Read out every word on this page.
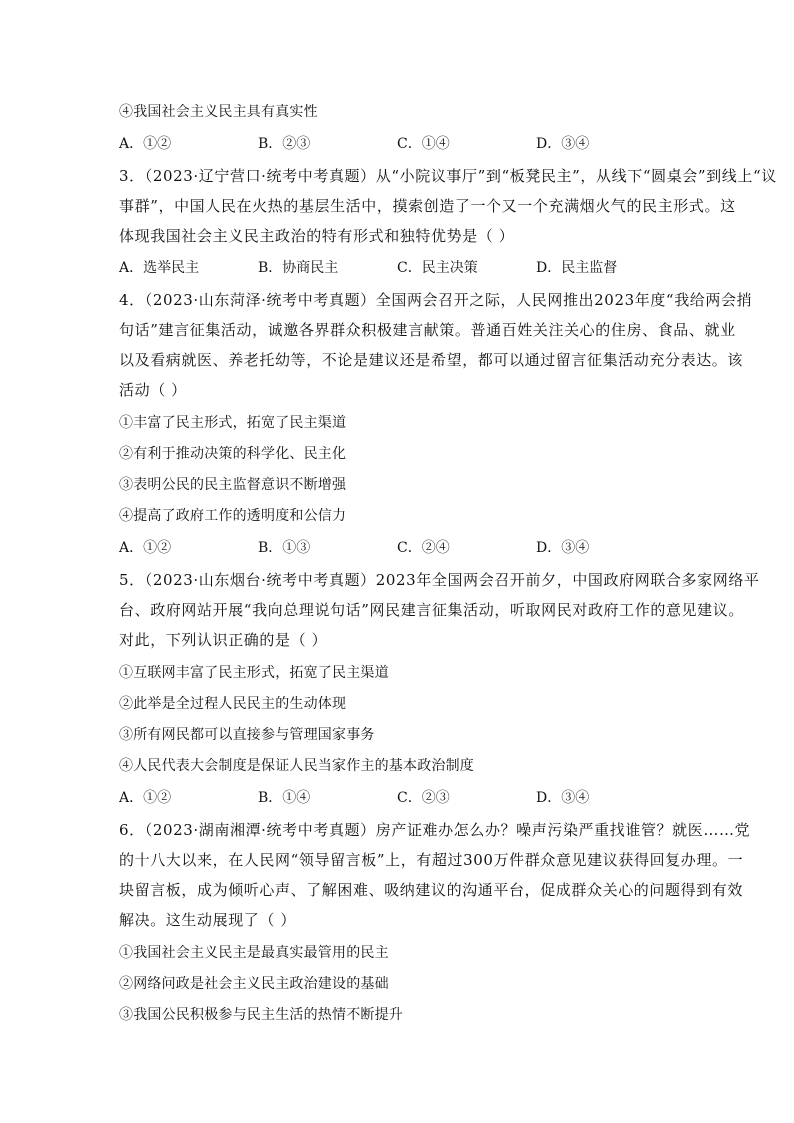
④我国社会主义民主具有真实性
A．①②	B．②③	C．①④	D．③④
3．（2023·辽宁营口·统考中考真题）从“小院议事厅”到“板凳民主”，从线下“圆桌会”到线上“议
事群”，中国人民在火热的基层生活中，摸索创造了一个又一个充满烟火气的民主形式。这
体现我国社会主义民主政治的特有形式和独特优势是（ ）
A．选举民主	B．协商民主	C．民主决策	D．民主监督
4．（2023·山东菏泽·统考中考真题）全国两会召开之际，人民网推出2023年度“我给两会捎
句话”建言征集活动，诚邀各界群众积极建言献策。普通百姓关注关心的住房、食品、就业
以及看病就医、养老托幼等，不论是建议还是希望，都可以通过留言征集活动充分表达。该
活动（ ）
①丰富了民主形式，拓宽了民主渠道
②有利于推动决策的科学化、民主化
③表明公民的民主监督意识不断增强
④提高了政府工作的透明度和公信力
A．①②	B．①③	C．②④	D．③④
5．（2023·山东烟台·统考中考真题）2023年全国两会召开前夕，中国政府网联合多家网络平
台、政府网站开展“我向总理说句话”网民建言征集活动，听取网民对政府工作的意见建议。
对此，下列认识正确的是（ ）
①互联网丰富了民主形式，拓宽了民主渠道
②此举是全过程人民民主的生动体现
③所有网民都可以直接参与管理国家事务
④人民代表大会制度是保证人民当家作主的基本政治制度
A．①②	B．①④	C．②③	D．③④
6．（2023·湖南湘潭·统考中考真题）房产证难办怎么办？噪声污染严重找谁管？就医……党
的十八大以来，在人民网“领导留言板”上，有超过300万件群众意见建议获得回复办理。一
块留言板，成为倾听心声、了解困难、吸纳建议的沟通平台，促成群众关心的问题得到有效
解决。这生动展现了（ ）
①我国社会主义民主是最真实最管用的民主
②网络问政是社会主义民主政治建设的基础
③我国公民积极参与民主生活的热情不断提升
